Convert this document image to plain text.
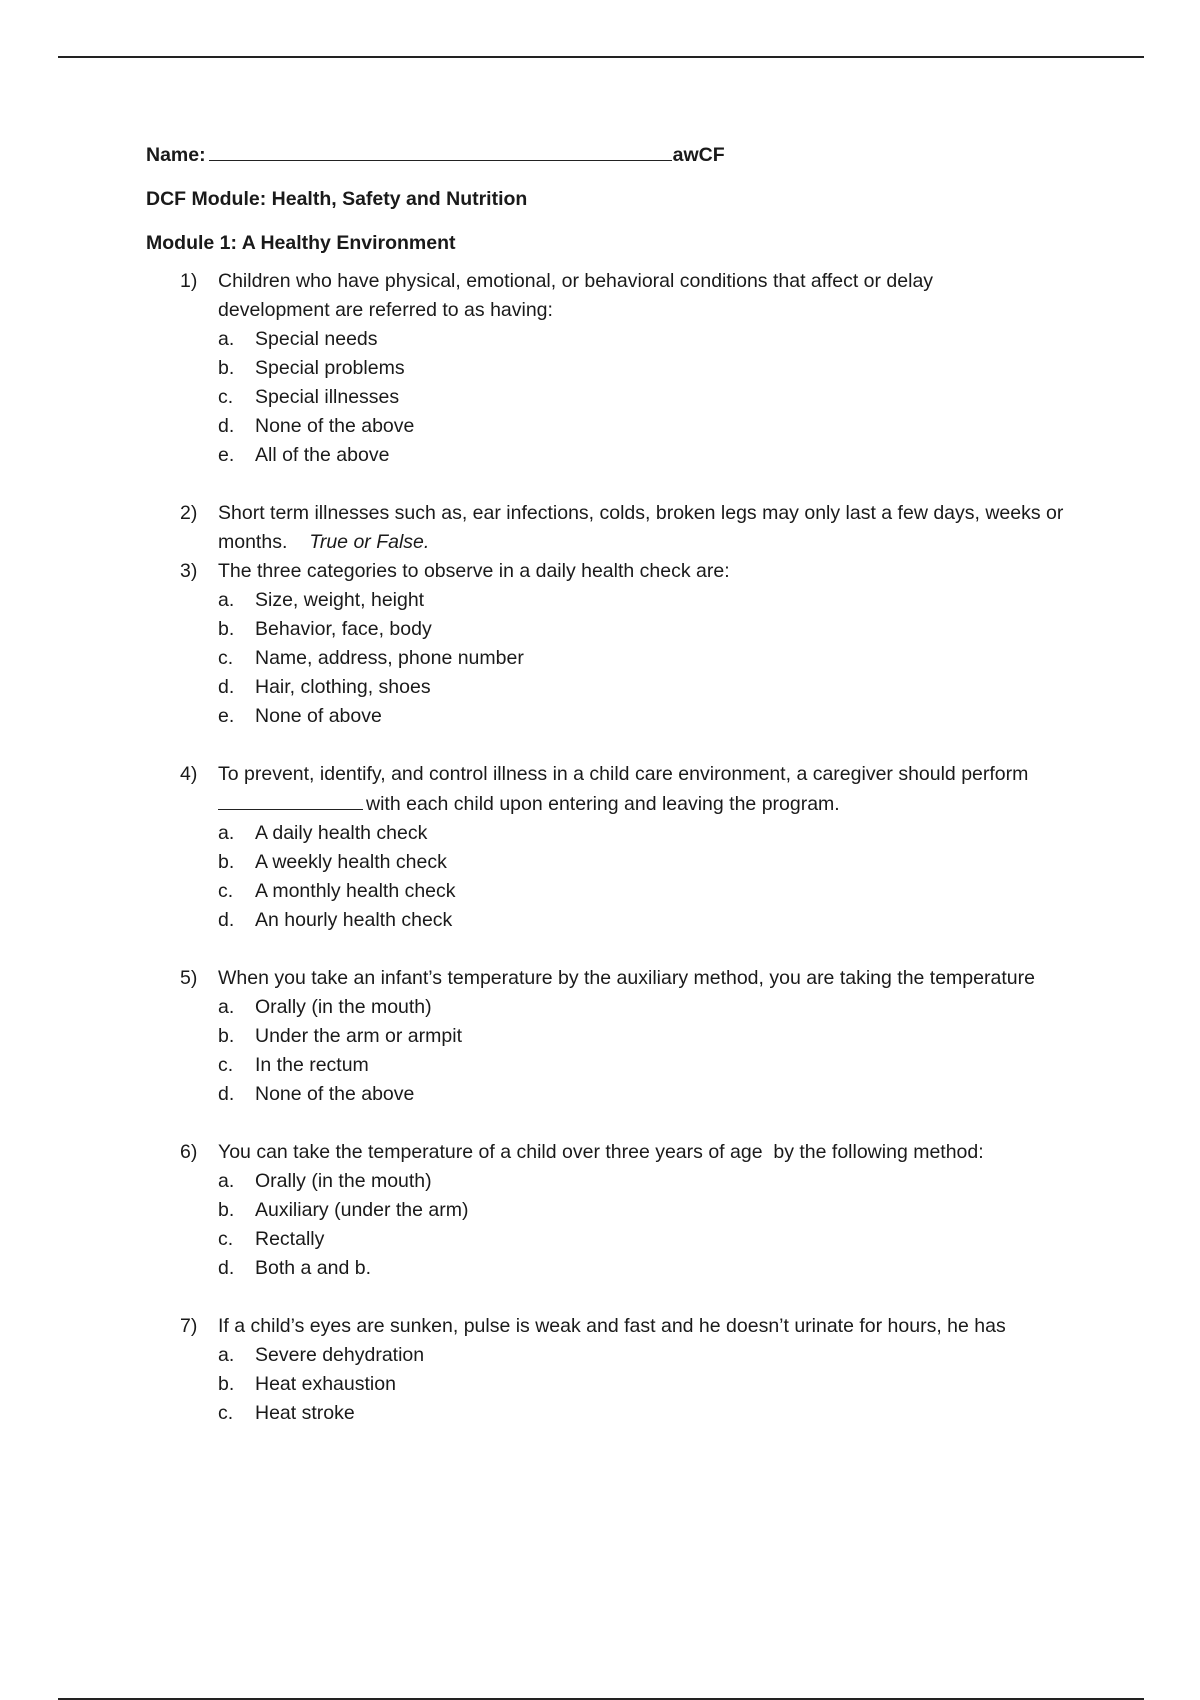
Name:	awCF
DCF Module: Health, Safety and Nutrition
Module 1: A Healthy Environment
1) Children who have physical, emotional, or behavioral conditions that affect or delay development are referred to as having:

a. Special needs
b. Special problems
c. Special illnesses
d. None of the above
e. All of the above
2) Short term illnesses such as, ear infections, colds, broken legs may only last a few days, weeks or months. True or False.

3) The three categories to observe in a daily health check are:

a. Size, weight, height
b. Behavior, face, body
c. Name, address, phone number
d. Hair, clothing, shoes
e. None of above
4) To prevent, identify, and control illness in a child care environment, a caregiver should perform
with each child upon entering and leaving the program.

a. A daily health check
b. A weekly health check
c. A monthly health check
d. An hourly health check
5) When you take an infant’s temperature by the auxiliary method, you are taking the temperature

a. Orally (in the mouth)
b. Under the arm or armpit
c. In the rectum
d. None of the above
6) You can take the temperature of a child over three years of age  by the following method:

a. Orally (in the mouth)
b. Auxiliary (under the arm)
c. Rectally
d. Both a and b.
7) If a child’s eyes are sunken, pulse is weak and fast and he doesn’t urinate for hours, he has

a. Severe dehydration
b. Heat exhaustion
c. Heat stroke
